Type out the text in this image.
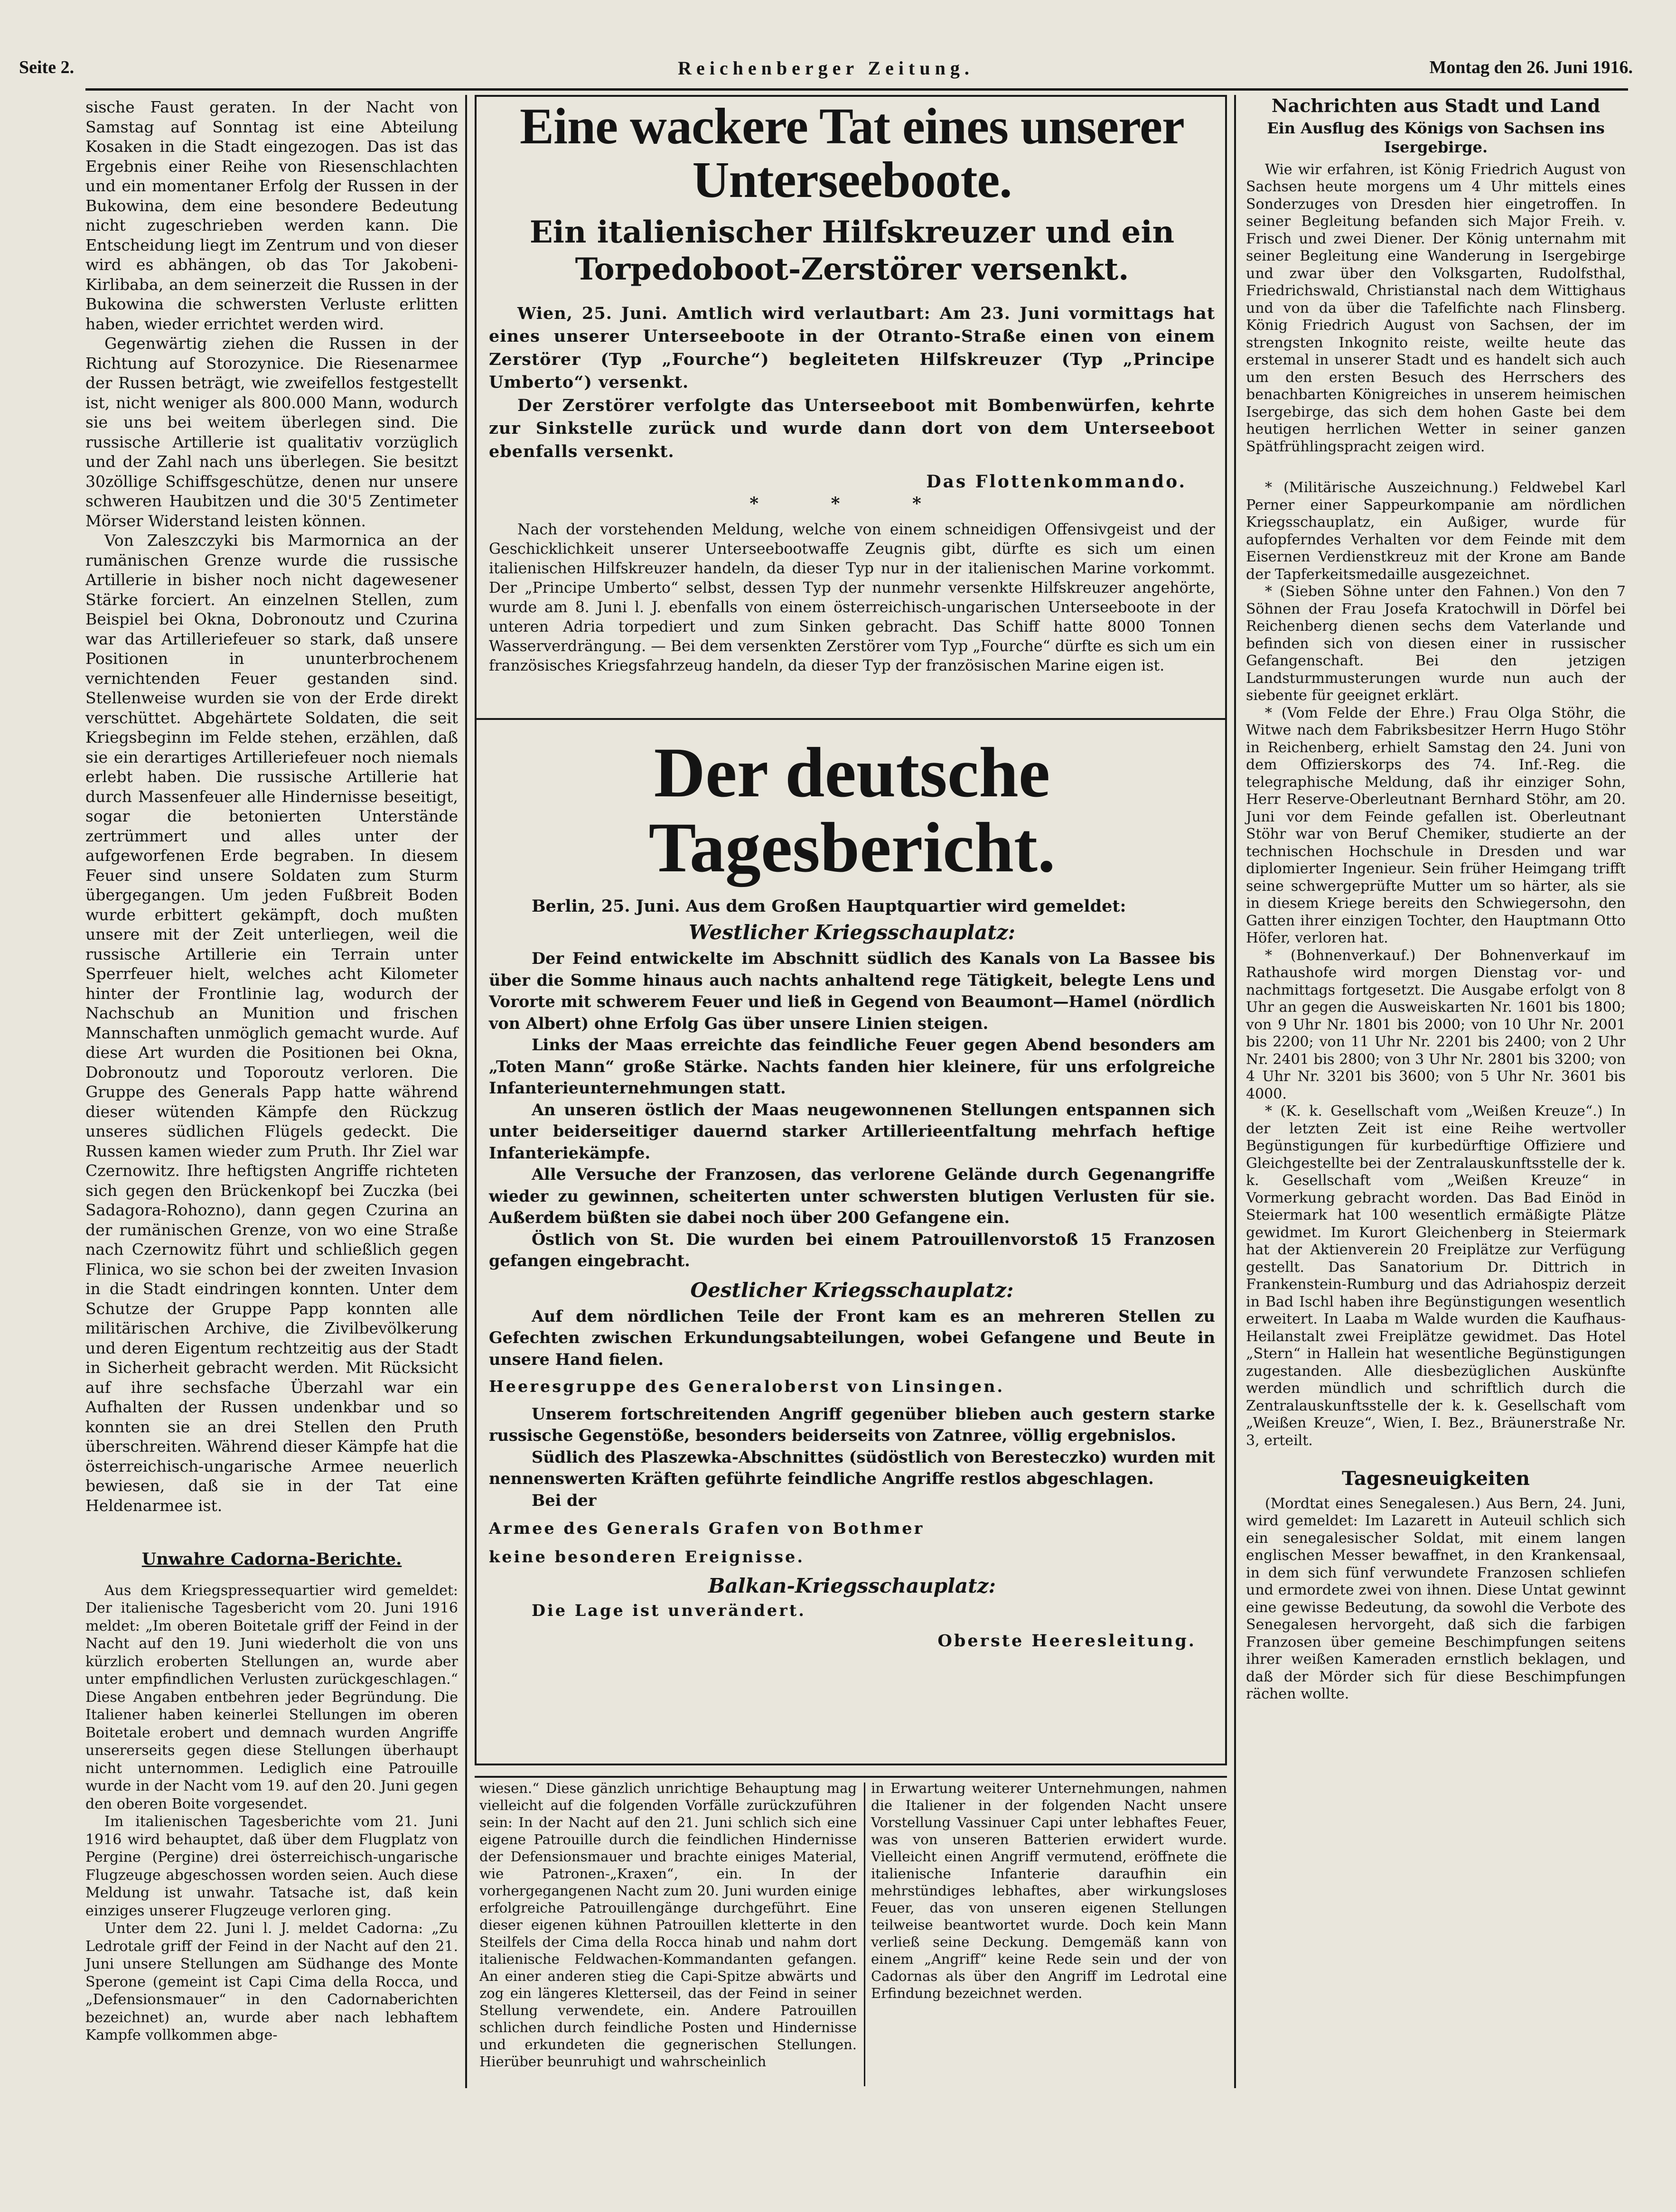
Seite 2.	Reichenberger Zeitung.	Montag den 26. Juni 1916.

sische Faust geraten. In der Nacht von Samstag auf Sonntag ist eine Abteilung Kosaken in die Stadt eingezogen. Das ist das Ergebnis einer Reihe von Riesenschlachten und ein momentaner Erfolg der Russen in der Bukowina, dem eine besondere Bedeutung nicht zugeschrieben werden kann. Die Entscheidung liegt im Zentrum und von dieser wird es abhängen, ob das Tor Jakobeni-Kirlibaba, an dem seinerzeit die Russen in der Bukowina die schwersten Verluste erlitten haben, wieder errichtet werden wird.

Gegenwärtig ziehen die Russen in der Richtung auf Storozynice. Die Riesenarmee der Russen beträgt, wie zweifellos festgestellt ist, nicht weniger als 800.000 Mann, wodurch sie uns bei weitem überlegen sind. Die russische Artillerie ist qualitativ vorzüglich und der Zahl nach uns überlegen. Sie besitzt 30zöllige Schiffsgeschütze, denen nur unsere schweren Haubitzen und die 30'5 Zentimeter Mörser Widerstand leisten können.

Von Zaleszczyki bis Marmornica an der rumänischen Grenze wurde die russische Artillerie in bisher noch nicht dagewesener Stärke forciert. An einzelnen Stellen, zum Beispiel bei Okna, Dobronoutz und Czurina war das Artilleriefeuer so stark, daß unsere Positionen in ununterbrochenem vernichtenden Feuer gestanden sind. Stellenweise wurden sie von der Erde direkt verschüttet. Abgehärtete Soldaten, die seit Kriegsbeginn im Felde stehen, erzählen, daß sie ein derartiges Artilleriefeuer noch niemals erlebt haben. Die russische Artillerie hat durch Massenfeuer alle Hindernisse beseitigt, sogar die betonierten Unterstände zertrümmert und alles unter der aufgeworfenen Erde begraben. In diesem Feuer sind unsere Soldaten zum Sturm übergegangen. Um jeden Fußbreit Boden wurde erbittert gekämpft, doch mußten unsere mit der Zeit unterliegen, weil die russische Artillerie ein Terrain unter Sperrfeuer hielt, welches acht Kilometer hinter der Frontlinie lag, wodurch der Nachschub an Munition und frischen Mannschaften unmöglich gemacht wurde. Auf diese Art wurden die Positionen bei Okna, Dobronoutz und Toporoutz verloren. Die Gruppe des Generals Papp hatte während dieser wütenden Kämpfe den Rückzug unseres südlichen Flügels gedeckt. Die Russen kamen wieder zum Pruth. Ihr Ziel war Czernowitz. Ihre heftigsten Angriffe richteten sich gegen den Brückenkopf bei Zuczka (bei Sadagora-Rohozno), dann gegen Czurina an der rumänischen Grenze, von wo eine Straße nach Czernowitz führt und schließlich gegen Flinica, wo sie schon bei der zweiten Invasion in die Stadt eindringen konnten. Unter dem Schutze der Gruppe Papp konnten alle militärischen Archive, die Zivilbevölkerung und deren Eigentum rechtzeitig aus der Stadt in Sicherheit gebracht werden. Mit Rücksicht auf ihre sechsfache Überzahl war ein Aufhalten der Russen undenkbar und so konnten sie an drei Stellen den Pruth überschreiten. Während dieser Kämpfe hat die österreichisch-ungarische Armee neuerlich bewiesen, daß sie in der Tat eine Heldenarmee ist.

Unwahre Cadorna-Berichte.

Aus dem Kriegspressequartier wird gemeldet: Der italienische Tagesbericht vom 20. Juni 1916 meldet: „Im oberen Boitetale griff der Feind in der Nacht auf den 19. Juni wiederholt die von uns kürzlich eroberten Stellungen an, wurde aber unter empfindlichen Verlusten zurückgeschlagen.“ Diese Angaben entbehren jeder Begründung. Die Italiener haben keinerlei Stellungen im oberen Boitetale erobert und demnach wurden Angriffe unsererseits gegen diese Stellungen überhaupt nicht unternommen. Lediglich eine Patrouille wurde in der Nacht vom 19. auf den 20. Juni gegen den oberen Boite vorgesendet.

Im italienischen Tagesberichte vom 21. Juni 1916 wird behauptet, daß über dem Flugplatz von Pergine (Pergine) drei österreichisch-ungarische Flugzeuge abgeschossen worden seien. Auch diese Meldung ist unwahr. Tatsache ist, daß kein einziges unserer Flugzeuge verloren ging.

Unter dem 22. Juni l. J. meldet Cadorna: „Zu Ledrotale griff der Feind in der Nacht auf den 21. Juni unsere Stellungen am Südhange des Monte Sperone (gemeint ist Capi Cima della Rocca, und „Defensionsmauer“ in den Cadornaberichten bezeichnet) an, wurde aber nach lebhaftem Kampfe vollkommen abge-

Eine wackere Tat eines unserer Unterseeboote.
Ein italienischer Hilfskreuzer und ein Torpedoboot-Zerstörer versenkt.

Wien, 25. Juni. Amtlich wird verlautbart: Am 23. Juni vormittags hat eines unserer Unterseeboote in der Otranto-Straße einen von einem Zerstörer (Typ „Fourche“) begleiteten Hilfskreuzer (Typ „Principe Umberto“) versenkt.

Der Zerstörer verfolgte das Unterseeboot mit Bombenwürfen, kehrte zur Sinkstelle zurück und wurde dann dort von dem Unterseeboot ebenfalls versenkt.

Das Flottenkommando.
* * *

Nach der vorstehenden Meldung, welche von einem schneidigen Offensivgeist und der Geschicklichkeit unserer Unterseebootwaffe Zeugnis gibt, dürfte es sich um einen italienischen Hilfskreuzer handeln, da dieser Typ nur in der italienischen Marine vorkommt. Der „Principe Umberto“ selbst, dessen Typ der nunmehr versenkte Hilfskreuzer angehörte, wurde am 8. Juni l. J. ebenfalls von einem österreichisch-ungarischen Unterseeboote in der unteren Adria torpediert und zum Sinken gebracht. Das Schiff hatte 8000 Tonnen Wasserverdrängung. — Bei dem versenkten Zerstörer vom Typ „Fourche“ dürfte es sich um ein französisches Kriegsfahrzeug handeln, da dieser Typ der französischen Marine eigen ist.

Der deutsche Tagesbericht.
Berlin, 25. Juni. Aus dem Großen Hauptquartier wird gemeldet:
Westlicher Kriegsschauplatz:

Der Feind entwickelte im Abschnitt südlich des Kanals von La Bassee bis über die Somme hinaus auch nachts anhaltend rege Tätigkeit, belegte Lens und Vororte mit schwerem Feuer und ließ in Gegend von Beaumont—Hamel (nördlich von Albert) ohne Erfolg Gas über unsere Linien steigen.

Links der Maas erreichte das feindliche Feuer gegen Abend besonders am „Toten Mann“ große Stärke. Nachts fanden hier kleinere, für uns erfolgreiche Infanterieunternehmungen statt.

An unseren östlich der Maas neugewonnenen Stellungen entspannen sich unter beiderseitiger dauernd starker Artillerieentfaltung mehrfach heftige Infanteriekämpfe.

Alle Versuche der Franzosen, das verlorene Gelände durch Gegenangriffe wieder zu gewinnen, scheiterten unter schwersten blutigen Verlusten für sie. Außerdem büßten sie dabei noch über 200 Gefangene ein.

Östlich von St. Die wurden bei einem Patrouillenvorstoß 15 Franzosen gefangen eingebracht.

Oestlicher Kriegsschauplatz:

Auf dem nördlichen Teile der Front kam es an mehreren Stellen zu Gefechten zwischen Erkundungsabteilungen, wobei Gefangene und Beute in unsere Hand fielen.

Heeresgruppe des Generaloberst von Linsingen.

Unserem fortschreitenden Angriff gegenüber blieben auch gestern starke russische Gegenstöße, besonders beiderseits von Zatnree, völlig ergebnislos.

Südlich des Plaszewka-Abschnittes (südöstlich von Beresteczko) wurden mit nennenswerten Kräften geführte feindliche Angriffe restlos abgeschlagen.

Bei der

Armee des Generals Grafen von Bothmer

keine besonderen Ereignisse.

Balkan-Kriegsschauplatz:
Die Lage ist unverändert.
Oberste Heeresleitung.

wiesen.“ Diese gänzlich unrichtige Behauptung mag vielleicht auf die folgenden Vorfälle zurückzuführen sein: In der Nacht auf den 21. Juni schlich sich eine eigene Patrouille durch die feindlichen Hindernisse der Defensionsmauer und brachte einiges Material, wie Patronen-„Kraxen“, ein. In der vorhergegangenen Nacht zum 20. Juni wurden einige erfolgreiche Patrouillengänge durchgeführt. Eine dieser eigenen kühnen Patrouillen kletterte in den Steilfels der Cima della Rocca hinab und nahm dort italienische Feldwachen-Kommandanten gefangen. An einer anderen stieg die Capi-Spitze abwärts und zog ein längeres Kletterseil, das der Feind in seiner Stellung verwendete, ein. Andere Patrouillen schlichen durch feindliche Posten und Hindernisse und erkundeten die gegnerischen Stellungen. Hierüber beunruhigt und wahrscheinlich

in Erwartung weiterer Unternehmungen, nahmen die Italiener in der folgenden Nacht unsere Vorstellung Vassinuer Capi unter lebhaftes Feuer, was von unseren Batterien erwidert wurde. Vielleicht einen Angriff vermutend, eröffnete die italienische Infanterie daraufhin ein mehrstündiges lebhaftes, aber wirkungsloses Feuer, das von unseren eigenen Stellungen teilweise beantwortet wurde. Doch kein Mann verließ seine Deckung. Demgemäß kann von einem „Angriff“ keine Rede sein und der von Cadornas als über den Angriff im Ledrotal eine Erfindung bezeichnet werden.

Nachrichten aus Stadt und Land
Ein Ausflug des Königs von Sachsen ins Isergebirge.

Wie wir erfahren, ist König Friedrich August von Sachsen heute morgens um 4 Uhr mittels eines Sonderzuges von Dresden hier eingetroffen. In seiner Begleitung befanden sich Major Freih. v. Frisch und zwei Diener. Der König unternahm mit seiner Begleitung eine Wanderung in Isergebirge und zwar über den Volksgarten, Rudolfsthal, Friedrichswald, Christianstal nach dem Wittighaus und von da über die Tafelfichte nach Flinsberg. König Friedrich August von Sachsen, der im strengsten Inkognito reiste, weilte heute das erstemal in unserer Stadt und es handelt sich auch um den ersten Besuch des Herrschers des benachbarten Königreiches in unserem heimischen Isergebirge, das sich dem hohen Gaste bei dem heutigen herrlichen Wetter in seiner ganzen Spätfrühlingspracht zeigen wird.

* (Militärische Auszeichnung.) Feldwebel Karl Perner einer Sappeurkompanie am nördlichen Kriegsschauplatz, ein Außiger, wurde für aufopferndes Verhalten vor dem Feinde mit dem Eisernen Verdienstkreuz mit der Krone am Bande der Tapferkeitsmedaille ausgezeichnet.

* (Sieben Söhne unter den Fahnen.) Von den 7 Söhnen der Frau Josefa Kratochwill in Dörfel bei Reichenberg dienen sechs dem Vaterlande und befinden sich von diesen einer in russischer Gefangenschaft. Bei den jetzigen Landsturmmusterungen wurde nun auch der siebente für geeignet erklärt.

* (Vom Felde der Ehre.) Frau Olga Stöhr, die Witwe nach dem Fabriksbesitzer Herrn Hugo Stöhr in Reichenberg, erhielt Samstag den 24. Juni von dem Offizierskorps des 74. Inf.-Reg. die telegraphische Meldung, daß ihr einziger Sohn, Herr Reserve-Oberleutnant Bernhard Stöhr, am 20. Juni vor dem Feinde gefallen ist. Oberleutnant Stöhr war von Beruf Chemiker, studierte an der technischen Hochschule in Dresden und war diplomierter Ingenieur. Sein früher Heimgang trifft seine schwergeprüfte Mutter um so härter, als sie in diesem Kriege bereits den Schwiegersohn, den Gatten ihrer einzigen Tochter, den Hauptmann Otto Höfer, verloren hat.

* (Bohnenverkauf.) Der Bohnenverkauf im Rathaushofe wird morgen Dienstag vor- und nachmittags fortgesetzt. Die Ausgabe erfolgt von 8 Uhr an gegen die Ausweiskarten Nr. 1601 bis 1800; von 9 Uhr Nr. 1801 bis 2000; von 10 Uhr Nr. 2001 bis 2200; von 11 Uhr Nr. 2201 bis 2400; von 2 Uhr Nr. 2401 bis 2800; von 3 Uhr Nr. 2801 bis 3200; von 4 Uhr Nr. 3201 bis 3600; von 5 Uhr Nr. 3601 bis 4000.

* (K. k. Gesellschaft vom „Weißen Kreuze“.) In der letzten Zeit ist eine Reihe wertvoller Begünstigungen für kurbedürftige Offiziere und Gleichgestellte bei der Zentralauskunftsstelle der k. k. Gesellschaft vom „Weißen Kreuze“ in Vormerkung gebracht worden. Das Bad Einöd in Steiermark hat 100 wesentlich ermäßigte Plätze gewidmet. Im Kurort Gleichenberg in Steiermark hat der Aktienverein 20 Freiplätze zur Verfügung gestellt. Das Sanatorium Dr. Dittrich in Frankenstein-Rumburg und das Adriahospiz derzeit in Bad Ischl haben ihre Begünstigungen wesentlich erweitert. In Laaba m Walde wurden die Kaufhaus-Heilanstalt zwei Freiplätze gewidmet. Das Hotel „Stern“ in Hallein hat wesentliche Begünstigungen zugestanden. Alle diesbezüglichen Auskünfte werden mündlich und schriftlich durch die Zentralauskunftsstelle der k. k. Gesellschaft vom „Weißen Kreuze“, Wien, I. Bez., Bräunerstraße Nr. 3, erteilt.

Tagesneuigkeiten

(Mordtat eines Senegalesen.) Aus Bern, 24. Juni, wird gemeldet: Im Lazarett in Auteuil schlich sich ein senegalesischer Soldat, mit einem langen englischen Messer bewaffnet, in den Krankensaal, in dem sich fünf verwundete Franzosen schliefen und ermordete zwei von ihnen. Diese Untat gewinnt eine gewisse Bedeutung, da sowohl die Verbote des Senegalesen hervorgeht, daß sich die farbigen Franzosen über gemeine Beschimpfungen seitens ihrer weißen Kameraden ernstlich beklagen, und daß der Mörder sich für diese Beschimpfungen rächen wollte.
